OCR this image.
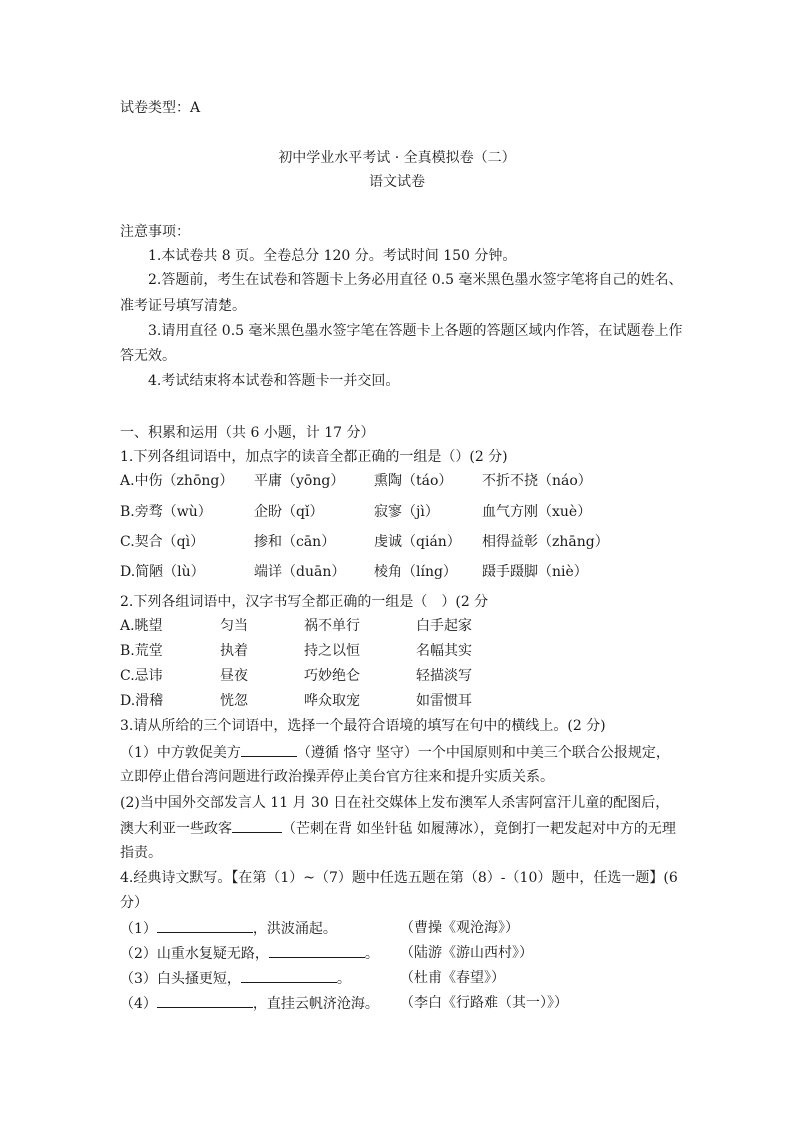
试卷类型：A
初中学业水平考试 · 全真模拟卷（二）
语文试卷
注意事项：
1.本试卷共 8 页。全卷总分 120 分。考试时间 150 分钟。
2.答题前，考生在试卷和答题卡上务必用直径 0.5 毫米黑色墨水签字笔将自己的姓名、
准考证号填写清楚。
3.请用直径 0.5 毫米黑色墨水签字笔在答题卡上各题的答题区域内作答，在试题卷上作
答无效。
4.考试结束将本试卷和答题卡一并交回。
一、积累和运用（共 6 小题，计 17 分）
1.下列各组词语中，加点字的读音全都正确的一组是（）(2 分)
A.中伤（zhōng） 平庸（yōng） 熏陶（táo） 不折不挠（náo）
B.旁骛（wù）	企盼（qǐ）	寂寥（jì）	血气方刚（xuè）
C.契合（qì）	掺和（cān）	虔诚（qián） 相得益彰（zhāng）
D.简陋（lù）	端详（duān） 棱角（líng） 蹑手蹑脚（niè）
2.下列各组词语中，汉字书写全都正确的一组是（　）(2 分
A.眺望	匀当	祸不单行	白手起家
B.荒堂	执着	持之以恒	名幅其实
C.忌讳	昼夜	巧妙绝仑	轻描淡写
D.滑稽	恍忽	哗众取宠	如雷惯耳
3.请从所给的三个词语中，选择一个最符合语境的填写在句中的横线上。(2 分)
（1）中方敦促美方	（遵循 恪守 坚守）一个中国原则和中美三个联合公报规定，
立即停止借台湾问题进行政治操弄停止美台官方往来和提升实质关系。
(2)当中国外交部发言人 11 月 30 日在社交媒体上发布澳军人杀害阿富汗儿童的配图后，
澳大利亚一些政客	（芒刺在背 如坐针毡 如履薄冰），竟倒打一耙发起对中方的无理
指责。
4.经典诗文默写。【在第（1）~（7）题中任选五题在第（8）-（10）题中，任选一题】(6
分）
（1）	，洪波涌起。	（曹操《观沧海》）
（2）山重水复疑无路，	。 （陆游《游山西村》）
（3）白头搔更短，	。	（杜甫《春望》）
（4）	，直挂云帆济沧海。 （李白《行路难（其一）》）
